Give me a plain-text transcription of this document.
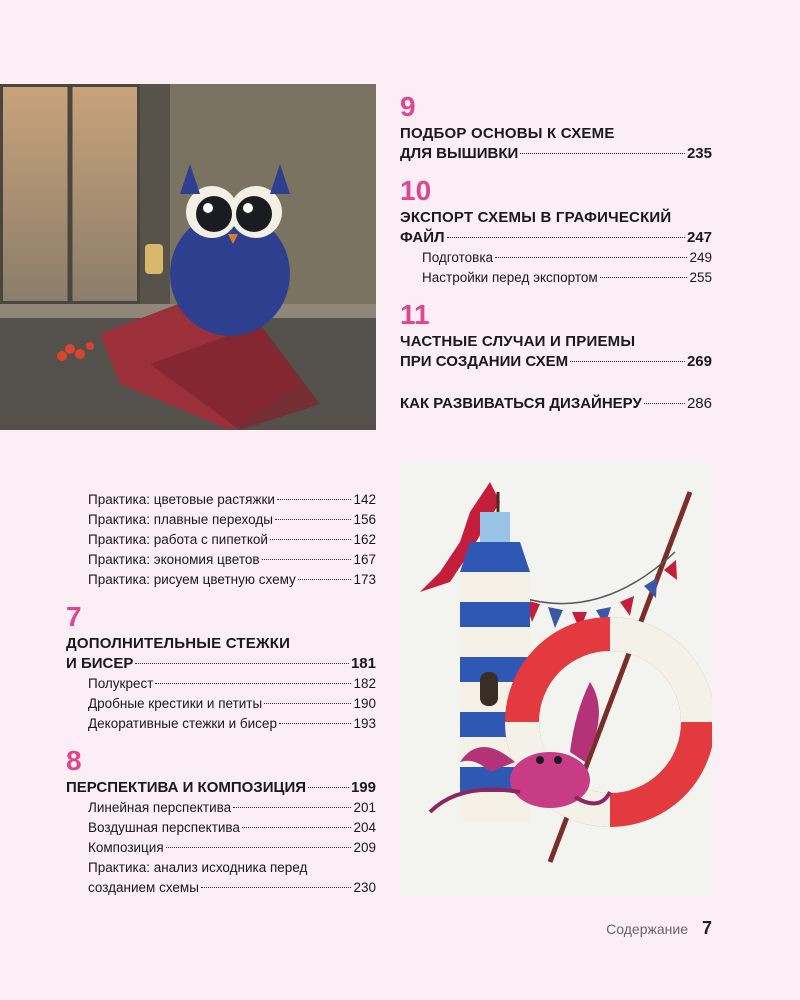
9
ПОДБОР ОСНОВЫ К СХЕМЕ
ДЛЯ ВЫШИВКИ	235
10
ЭКСПОРТ СХЕМЫ В ГРАФИЧЕСКИЙ
ФАЙЛ	247
Подготовка	249
Настройки перед экспортом	255
11
ЧАСТНЫЕ СЛУЧАИ И ПРИЕМЫ
ПРИ СОЗДАНИИ СХЕМ	269
КАК РАЗВИВАТЬСЯ ДИЗАЙНЕРУ	286
Практика: цветовые растяжки	142
Практика: плавные переходы	156
Практика: работа с пипеткой	162
Практика: экономия цветов	167
Практика: рисуем цветную схему	173
7
ДОПОЛНИТЕЛЬНЫЕ СТЕЖКИ
И БИСЕР	181
Полукрест	182
Дробные крестики и петиты	190
Декоративные стежки и бисер	193
8
ПЕРСПЕКТИВА И КОМПОЗИЦИЯ	199
Линейная перспектива	201
Воздушная перспектива	204
Композиция	209
Практика: анализ исходника перед
созданием схемы	230
Содержание 7
